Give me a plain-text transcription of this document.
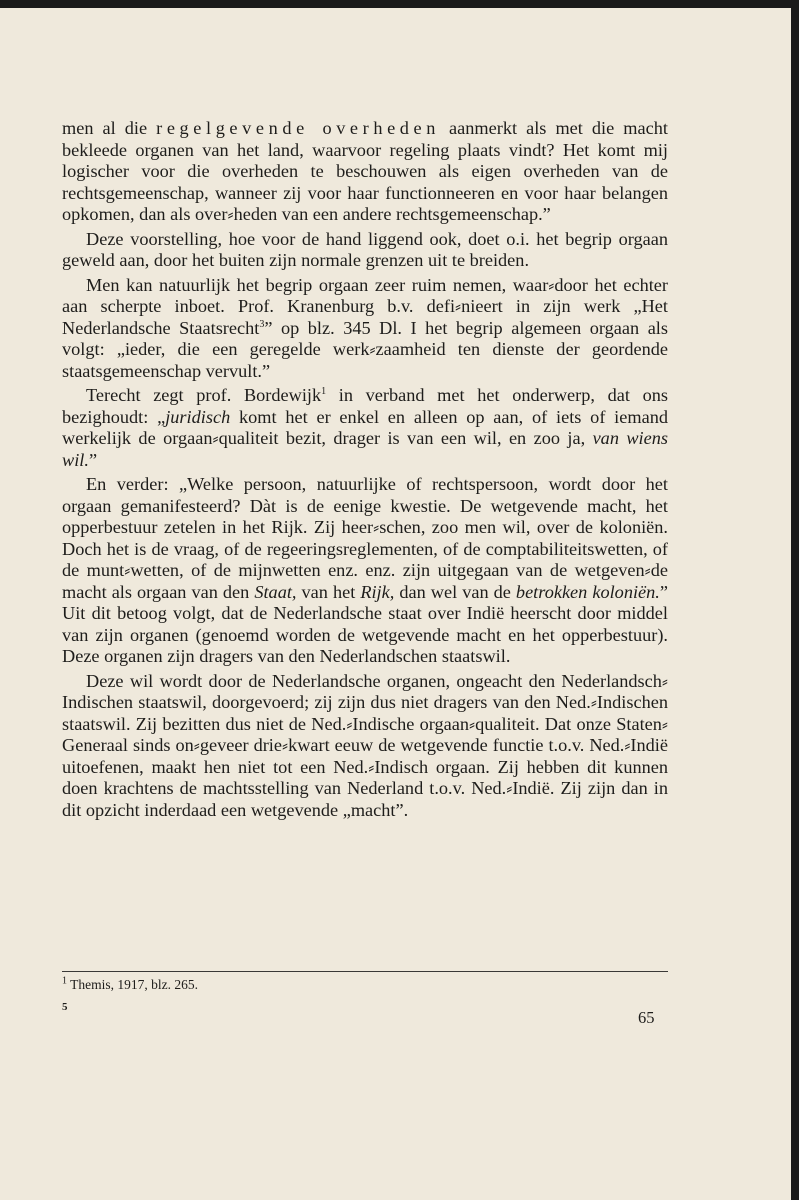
men al die regelgevende overheden aanmerkt als met die macht bekleede organen van het land, waarvoor regeling plaats vindt? Het komt mij logischer voor die overheden te beschouwen als eigen overheden van de rechtsgemeenschap, wanneer zij voor haar functionneeren en voor haar belangen opkomen, dan als over⸗heden van een andere rechtsgemeenschap.”

Deze voorstelling, hoe voor de hand liggend ook, doet o.i. het begrip orgaan geweld aan, door het buiten zijn normale grenzen uit te breiden.

Men kan natuurlijk het begrip orgaan zeer ruim nemen, waar⸗door het echter aan scherpte inboet. Prof. Kranenburg b.v. defi⸗nieert in zijn werk „Het Nederlandsche Staatsrecht$^3$” op blz. 345 Dl. I het begrip algemeen orgaan als volgt: „ieder, die een geregelde werk⸗zaamheid ten dienste der geordende staatsgemeenschap vervult.”

Terecht zegt prof. Bordewijk$^1$ in verband met het onderwerp, dat ons bezighoudt: „juridisch komt het er enkel en alleen op aan, of iets of iemand werkelijk de orgaan⸗qualiteit bezit, drager is van een wil, en zoo ja, van wiens wil.”

En verder: „Welke persoon, natuurlijke of rechtspersoon, wordt door het orgaan gemanifesteerd? Dàt is de eenige kwestie. De wetgevende macht, het opperbestuur zetelen in het Rijk. Zij heer⸗schen, zoo men wil, over de koloniën. Doch het is de vraag, of de regeeringsreglementen, of de comptabiliteitswetten, of de munt⸗wetten, of de mijnwetten enz. enz. zijn uitgegaan van de wetgeven⸗de macht als orgaan van den Staat, van het Rijk, dan wel van de betrokken koloniën.” Uit dit betoog volgt, dat de Nederlandsche staat over Indië heerscht door middel van zijn organen (genoemd worden de wetgevende macht en het opperbestuur). Deze organen zijn dragers van den Nederlandschen staatswil.

Deze wil wordt door de Nederlandsche organen, ongeacht den Nederlandsch⸗Indischen staatswil, doorgevoerd; zij zijn dus niet dragers van den Ned.⸗Indischen staatswil. Zij bezitten dus niet de Ned.⸗Indische orgaan⸗qualiteit. Dat onze Staten⸗Generaal sinds on⸗geveer drie⸗kwart eeuw de wetgevende functie t.o.v. Ned.⸗Indië uitoefenen, maakt hen niet tot een Ned.⸗Indisch orgaan. Zij hebben dit kunnen doen krachtens de machtsstelling van Nederland t.o.v. Ned.⸗Indië. Zij zijn dan in dit opzicht inderdaad een wetgevende „macht”.

$^1$ Themis, 1917, blz. 265.
5
65
